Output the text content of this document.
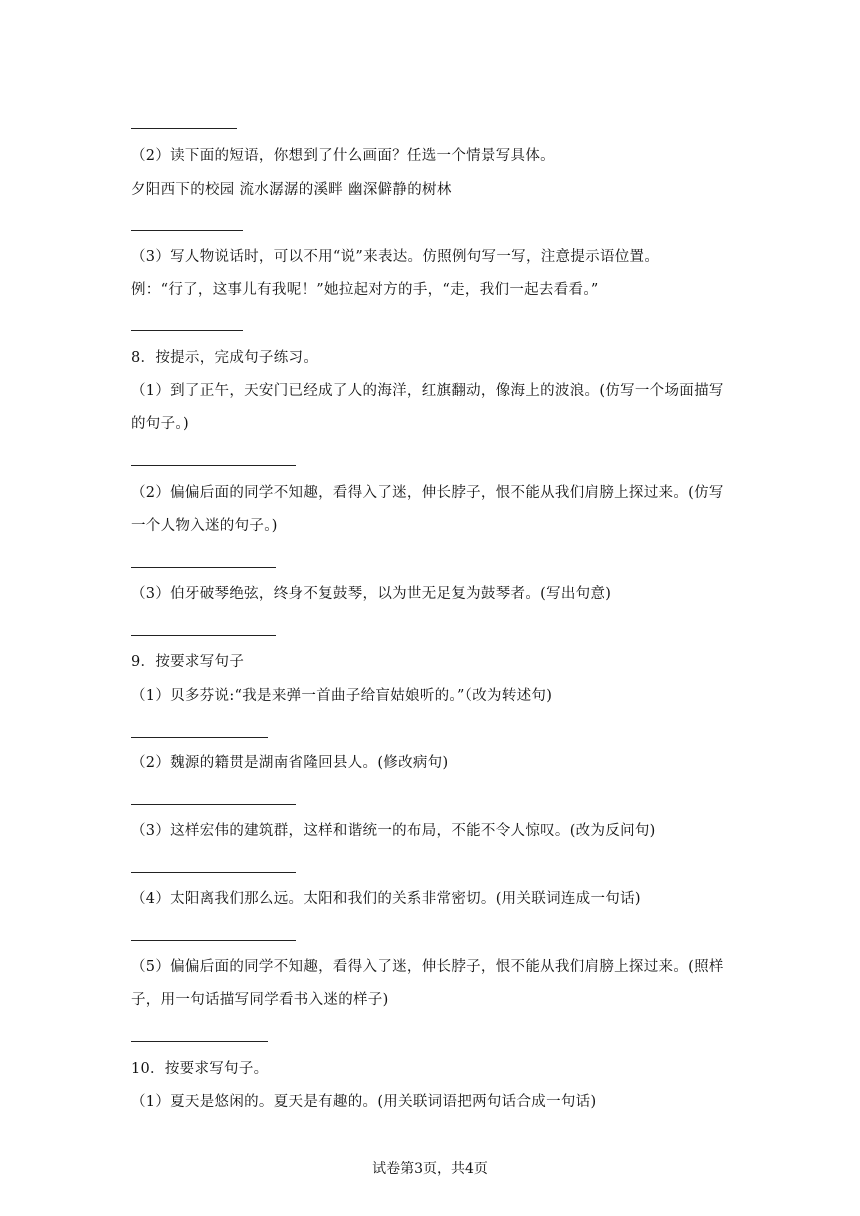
（2）读下面的短语，你想到了什么画面？任选一个情景写具体。
夕阳西下的校园 流水潺潺的溪畔 幽深僻静的树林
（3）写人物说话时，可以不用“说”来表达。仿照例句写一写，注意提示语位置。
例：“行了，这事儿有我呢！”她拉起对方的手，“走，我们一起去看看。”
8．按提示，完成句子练习。
（1）到了正午，天安门已经成了人的海洋，红旗翻动，像海上的波浪。(仿写一个场面描写
的句子。)
（2）偏偏后面的同学不知趣，看得入了迷，伸长脖子，恨不能从我们肩膀上探过来。(仿写
一个人物入迷的句子。)
（3）伯牙破琴绝弦，终身不复鼓琴，以为世无足复为鼓琴者。(写出句意)
9．按要求写句子
（1）贝多芬说:“我是来弹一首曲子给盲姑娘听的。”（改为转述句)
（2）魏源的籍贯是湖南省隆回县人。(修改病句)
（3）这样宏伟的建筑群，这样和谐统一的布局，不能不令人惊叹。(改为反问句)
（4）太阳离我们那么远。太阳和我们的关系非常密切。(用关联词连成一句话)
（5）偏偏后面的同学不知趣，看得入了迷，伸长脖子，恨不能从我们肩膀上探过来。(照样
子，用一句话描写同学看书入迷的样子)
10．按要求写句子。
（1）夏天是悠闲的。夏天是有趣的。(用关联词语把两句话合成一句话)
试卷第3页，共4页
